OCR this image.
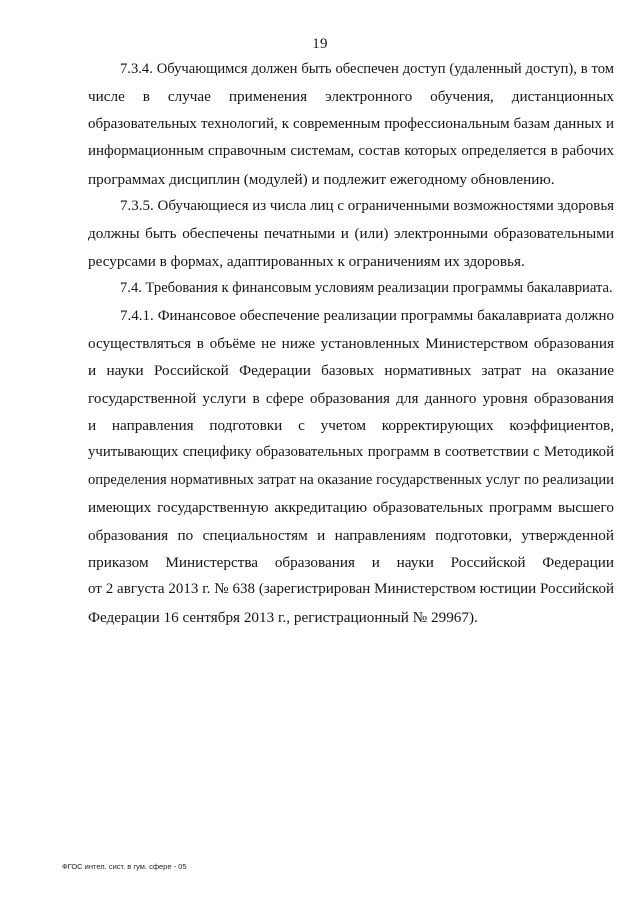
19
7.3.4. Обучающимся должен быть обеспечен доступ (удаленный доступ), в том
числе в случае применения электронного обучения, дистанционных
образовательных технологий, к современным профессиональным базам данных и
информационным справочным системам, состав которых определяется в рабочих
программах дисциплин (модулей) и подлежит ежегодному обновлению.
7.3.5. Обучающиеся из числа лиц с ограниченными возможностями здоровья
должны быть обеспечены печатными и (или) электронными образовательными
ресурсами в формах, адаптированных к ограничениям их здоровья.
7.4. Требования к финансовым условиям реализации программы бакалавриата.
7.4.1. Финансовое обеспечение реализации программы бакалавриата должно
осуществляться в объёме не ниже установленных Министерством образования
и науки Российской Федерации базовых нормативных затрат на оказание
государственной услуги в сфере образования для данного уровня образования
и направления подготовки с учетом корректирующих коэффициентов,
учитывающих специфику образовательных программ в соответствии с Методикой
определения нормативных затрат на оказание государственных услуг по реализации
имеющих государственную аккредитацию образовательных программ высшего
образования по специальностям и направлениям подготовки, утвержденной
приказом Министерства образования и науки Российской Федерации
от 2 августа 2013 г. № 638 (зарегистрирован Министерством юстиции Российской
Федерации 16 сентября 2013 г., регистрационный № 29967).
ФГОС интел. сист. в гум. сфере - 05
